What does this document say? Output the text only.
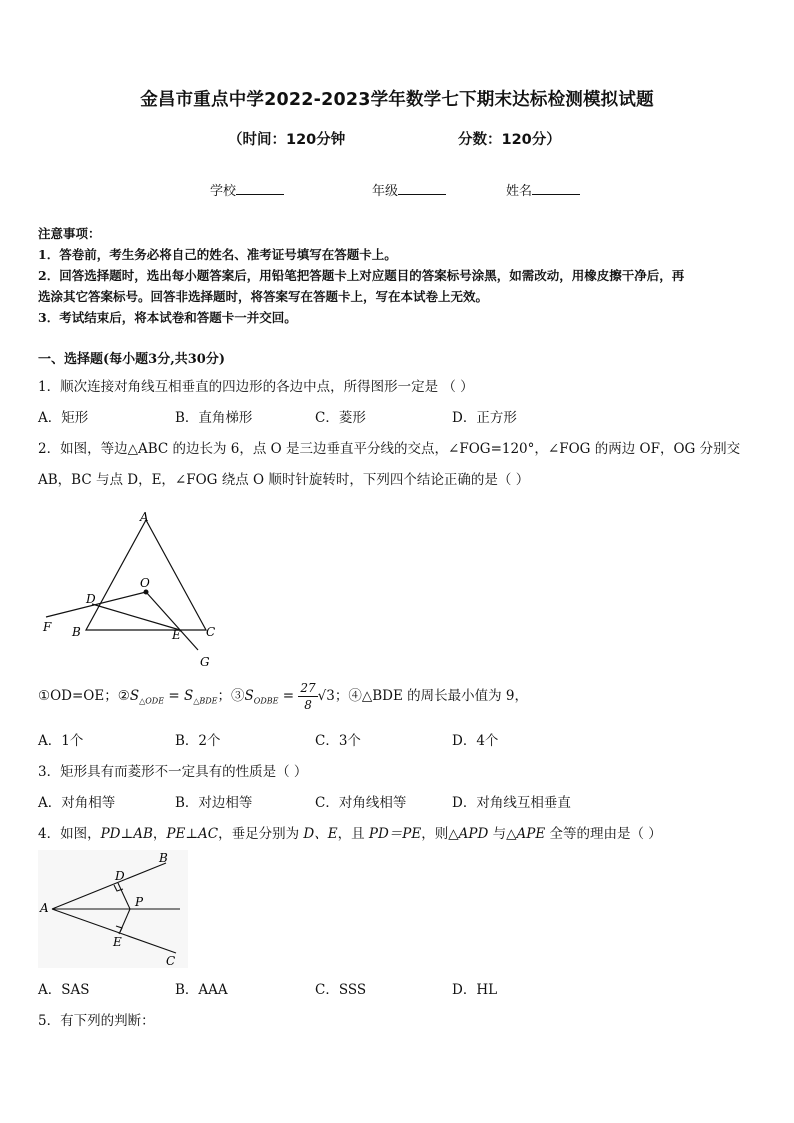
金昌市重点中学2022-2023学年数学七下期末达标检测模拟试题
（时间：120分钟	分数：120分）
学校	年级	姓名
注意事项：
1．答卷前，考生务必将自己的姓名、准考证号填写在答题卡上。
2．回答选择题时，选出每小题答案后，用铅笔把答题卡上对应题目的答案标号涂黑，如需改动，用橡皮擦干净后，再
选涂其它答案标号。回答非选择题时，将答案写在答题卡上，写在本试卷上无效。
3．考试结束后，将本试卷和答题卡一并交回。
一、选择题(每小题3分,共30分)
1．顺次连接对角线互相垂直的四边形的各边中点，所得图形一定是 （ ）
A．矩形	B．直角梯形	C．菱形	D．正方形
2．如图，等边△ABC 的边长为 6，点 O 是三边垂直平分线的交点，∠FOG=120°，∠FOG 的两边 OF，OG 分别交
AB，BC 与点 D，E，∠FOG 绕点 O 顺时针旋转时，下列四个结论正确的是（ ）
A
O
D
F B	E C
G
①OD=OE；$②S_{\triangle ODE} = S_{\triangle BDE}$；$③S_{ODBE} = \frac{27}{8} √3$；④△BDE 的周长最小值为 9，
A．1个	B．2个	C．3个	D．4个
3．矩形具有而菱形不一定具有的性质是（ ）
A．对角相等	B．对边相等	C．对角线相等	D．对角线互相垂直
4．如图，PD⊥AB，PE⊥AC，垂足分别为 D、E，且 PD＝PE，则△APD 与△APE 全等的理由是（ ）
A
B
D
P
E
C
A．SAS	B．AAA	C．SSS	D．HL
5．有下列的判断：
